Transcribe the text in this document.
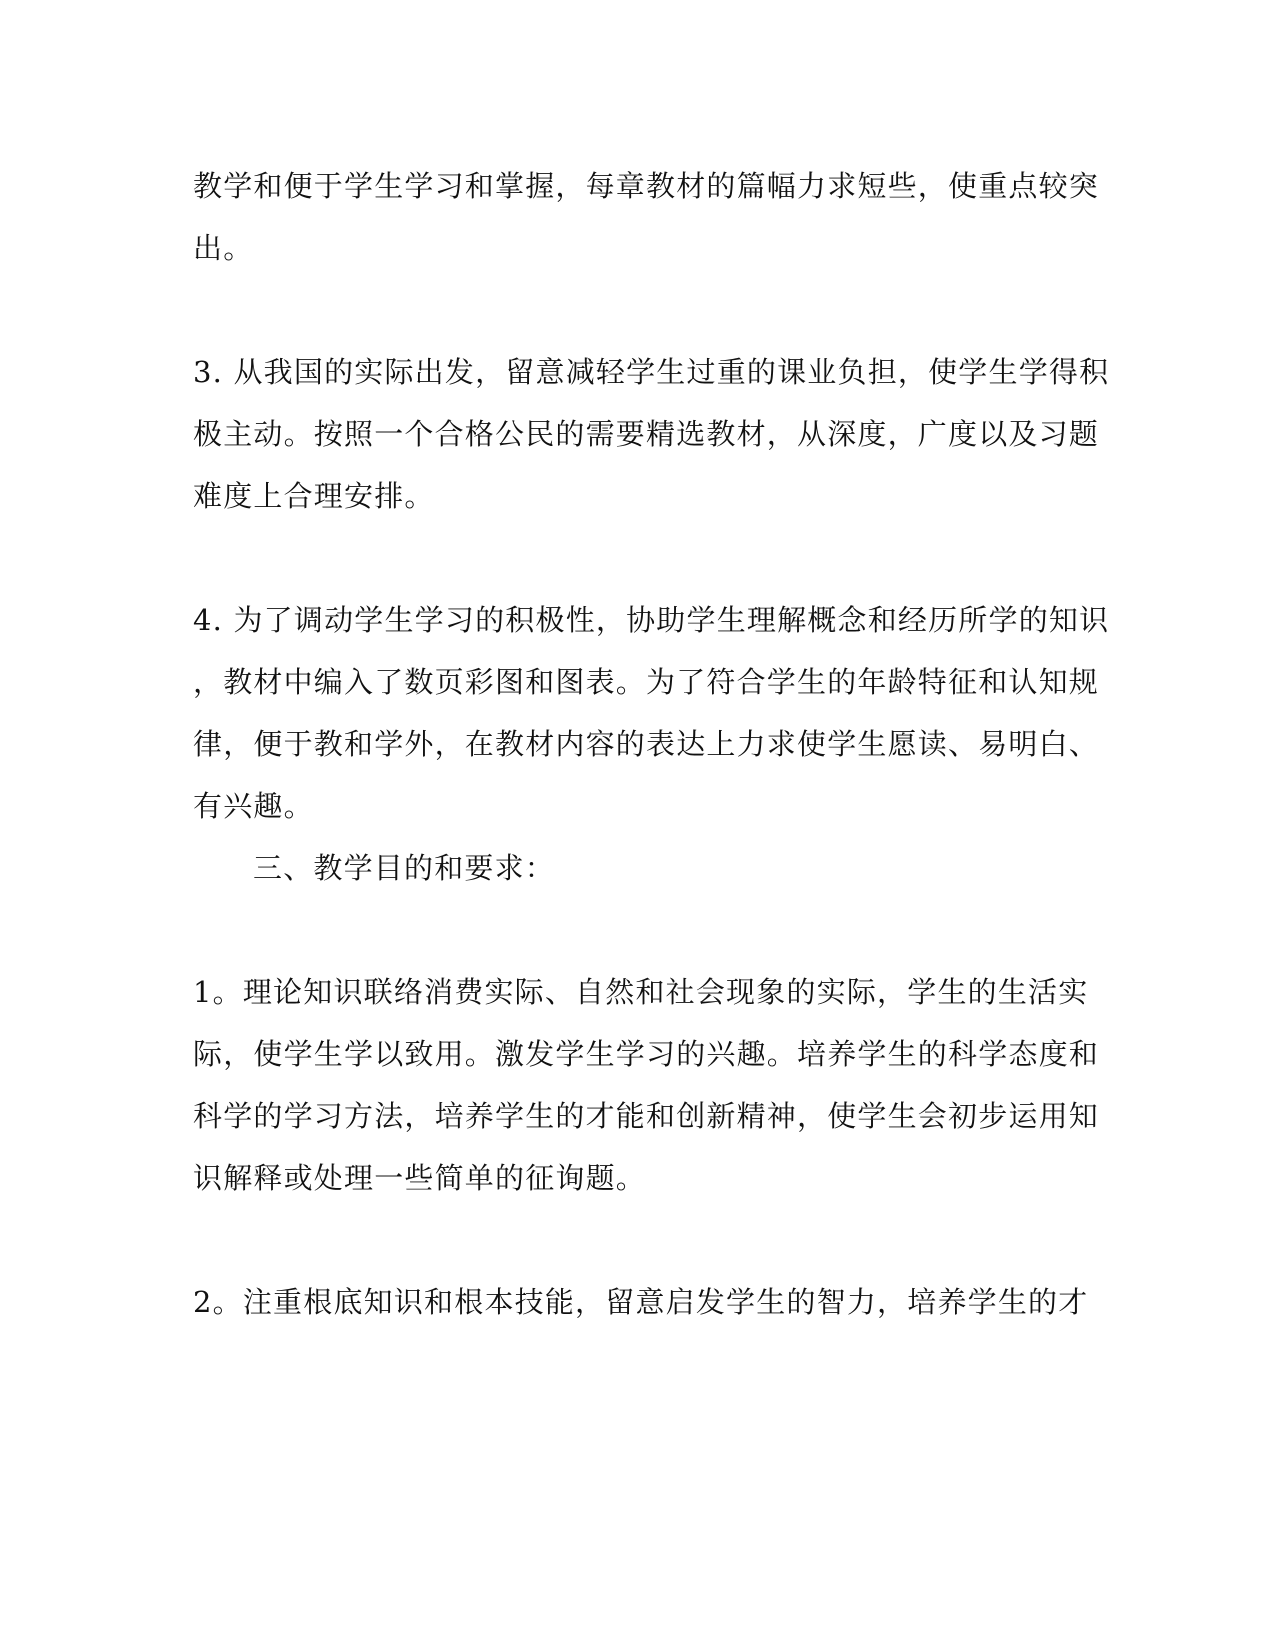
教学和便于学生学习和掌握，每章教材的篇幅力求短些，使重点较突
出。
3. 从我国的实际出发，留意减轻学生过重的课业负担，使学生学得积
极主动。按照一个合格公民的需要精选教材，从深度，广度以及习题
难度上合理安排。
4. 为了调动学生学习的积极性，协助学生理解概念和经历所学的知识
，教材中编入了数页彩图和图表。为了符合学生的年龄特征和认知规
律，便于教和学外，在教材内容的表达上力求使学生愿读、易明白、
有兴趣。
三、教学目的和要求：
1。理论知识联络消费实际、自然和社会现象的实际，学生的生活实
际，使学生学以致用。激发学生学习的兴趣。培养学生的科学态度和
科学的学习方法，培养学生的才能和创新精神，使学生会初步运用知
识解释或处理一些简单的征询题。
2。注重根底知识和根本技能，留意启发学生的智力，培养学生的才
